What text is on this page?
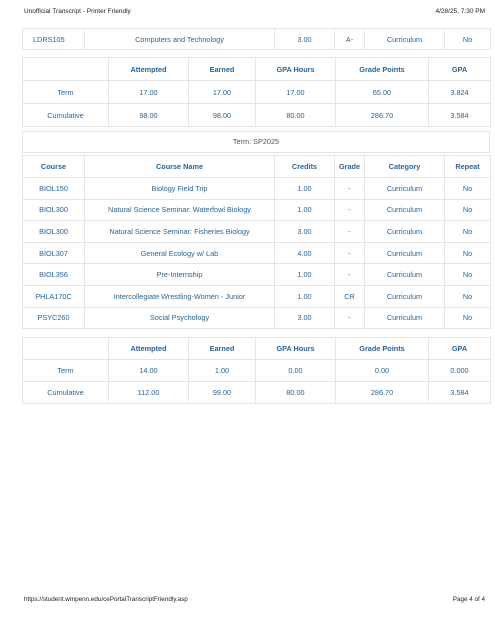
Unofficial Transcript - Printer Friendly	4/28/25, 7:30 PM
LDRS105	Computers and Technology	3.00	A-	Curriculum	No
	Attempted	Earned	GPA Hours	Grade Points	GPA
Term	17.00	17.00	17.00	65.00	3.824
Cumulative	98.00	98.00	80.00	286.70	3.584
Term: SP2025
Course	Course Name	Credits	Grade	Category	Repeat
BIOL150	Biology Field Trip	1.00	-	Curriculum	No
BIOL300	Natural Science Seminar: Waterfowl Biology	1.00	-	Curriculum	No
BIOL300	Natural Science Seminar: Fisheries Biology	3.00	-	Curriculum	No
BIOL307	General Ecology w/ Lab	4.00	-	Curriculum	No
BIOL356	Pre-Internship	1.00	-	Curriculum	No
PHLA170C	Intercollegiate Wrestling-Women - Junior	1.00	CR	Curriculum	No
PSYC260	Social Psychology	3.00	-	Curriculum	No
	Attempted	Earned	GPA Hours	Grade Points	GPA
Term	14.00	1.00	0.00	0.00	0.000
Cumulative	112.00	99.00	80.00	286.70	3.584
https://student.wmpenn.edu/cePortalTranscriptFriendly.asp	Page 4 of 4
